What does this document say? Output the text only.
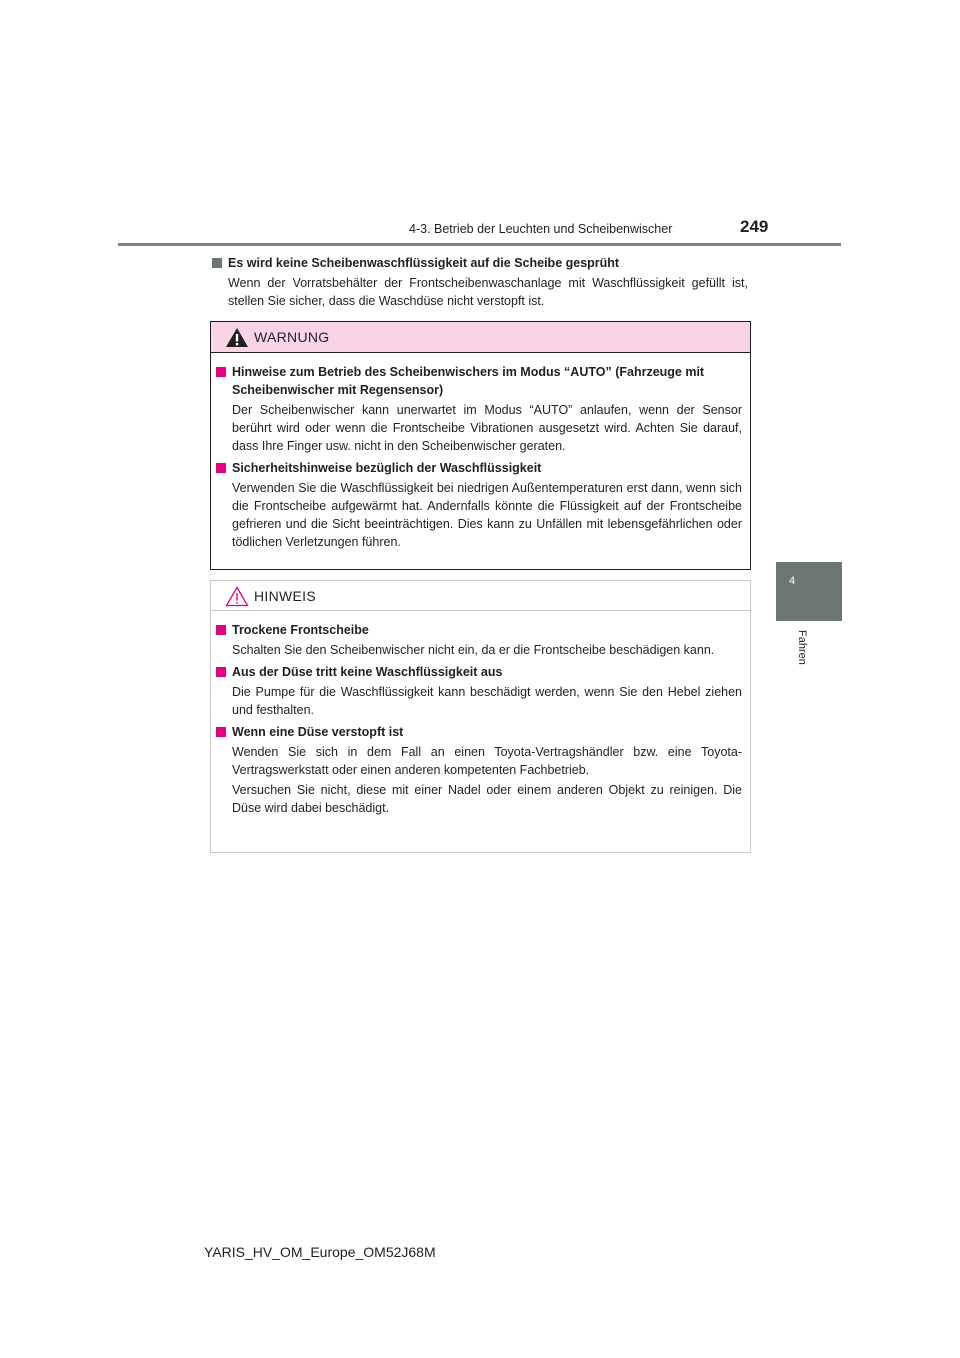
4-3. Betrieb der Leuchten und Scheibenwischer	249
4
Fahren
Es wird keine Scheibenwaschflüssigkeit auf die Scheibe gesprüht
Wenn der Vorratsbehälter der Frontscheibenwaschanlage mit Waschflüssigkeit gefüllt ist, stellen Sie sicher, dass die Waschdüse nicht verstopft ist.
WARNUNG
Hinweise zum Betrieb des Scheibenwischers im Modus “AUTO” (Fahrzeuge mit Scheibenwischer mit Regensensor)
Der Scheibenwischer kann unerwartet im Modus “AUTO” anlaufen, wenn der Sensor berührt wird oder wenn die Frontscheibe Vibrationen ausgesetzt wird. Achten Sie darauf, dass Ihre Finger usw. nicht in den Scheibenwischer geraten.
Sicherheitshinweise bezüglich der Waschflüssigkeit
Verwenden Sie die Waschflüssigkeit bei niedrigen Außentemperaturen erst dann, wenn sich die Frontscheibe aufgewärmt hat. Andernfalls könnte die Flüssigkeit auf der Frontscheibe gefrieren und die Sicht beeinträchtigen. Dies kann zu Unfällen mit lebensgefährlichen oder tödlichen Verletzungen führen.
HINWEIS
Trockene Frontscheibe
Schalten Sie den Scheibenwischer nicht ein, da er die Frontscheibe beschädigen kann.
Aus der Düse tritt keine Waschflüssigkeit aus
Die Pumpe für die Waschflüssigkeit kann beschädigt werden, wenn Sie den Hebel ziehen und festhalten.
Wenn eine Düse verstopft ist
Wenden Sie sich in dem Fall an einen Toyota-Vertragshändler bzw. eine Toyota-Vertragswerkstatt oder einen anderen kompetenten Fachbetrieb.
Versuchen Sie nicht, diese mit einer Nadel oder einem anderen Objekt zu reinigen. Die Düse wird dabei beschädigt.
YARIS_HV_OM_Europe_OM52J68M
